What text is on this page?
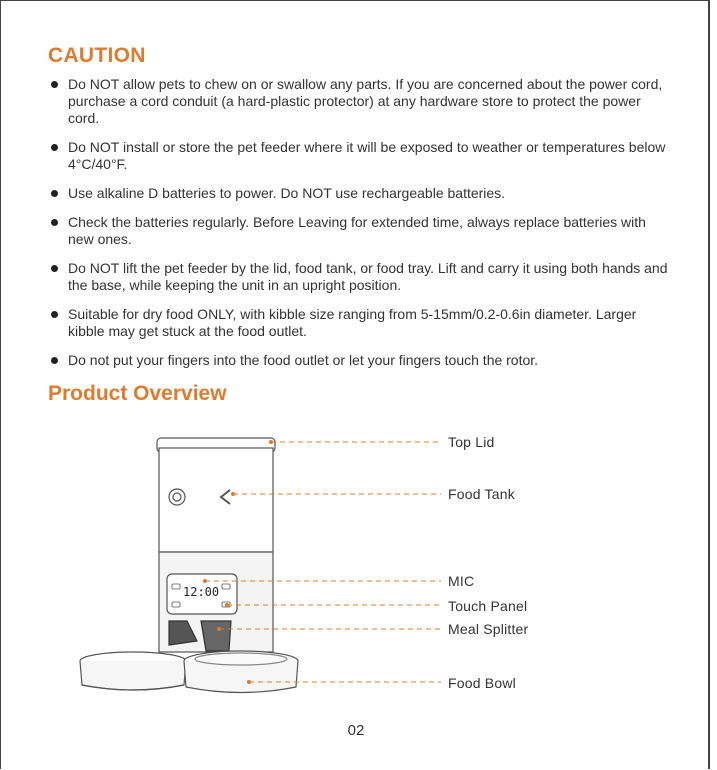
CAUTION
Do NOT allow pets to chew on or swallow any parts. If you are concerned about the power cord, purchase a cord conduit (a hard-plastic protector) at any hardware store to protect the power cord.
Do NOT install or store the pet feeder where it will be exposed to weather or temperatures below 4°C/40°F.
Use alkaline D batteries to power. Do NOT use rechargeable batteries.
Check the batteries regularly. Before Leaving for extended time, always replace batteries with new ones.
Do NOT lift the pet feeder by the lid, food tank, or food tray. Lift and carry it using both hands and the base, while keeping the unit in an upright position.
Suitable for dry food ONLY, with kibble size ranging from 5-15mm/0.2-0.6in diameter. Larger kibble may get stuck at the food outlet.
Do not put your fingers into the food outlet or let your fingers touch the rotor.
Product Overview
12:00
Top Lid
Food Tank
MIC
Touch Panel
Meal Splitter
Food Bowl
02
